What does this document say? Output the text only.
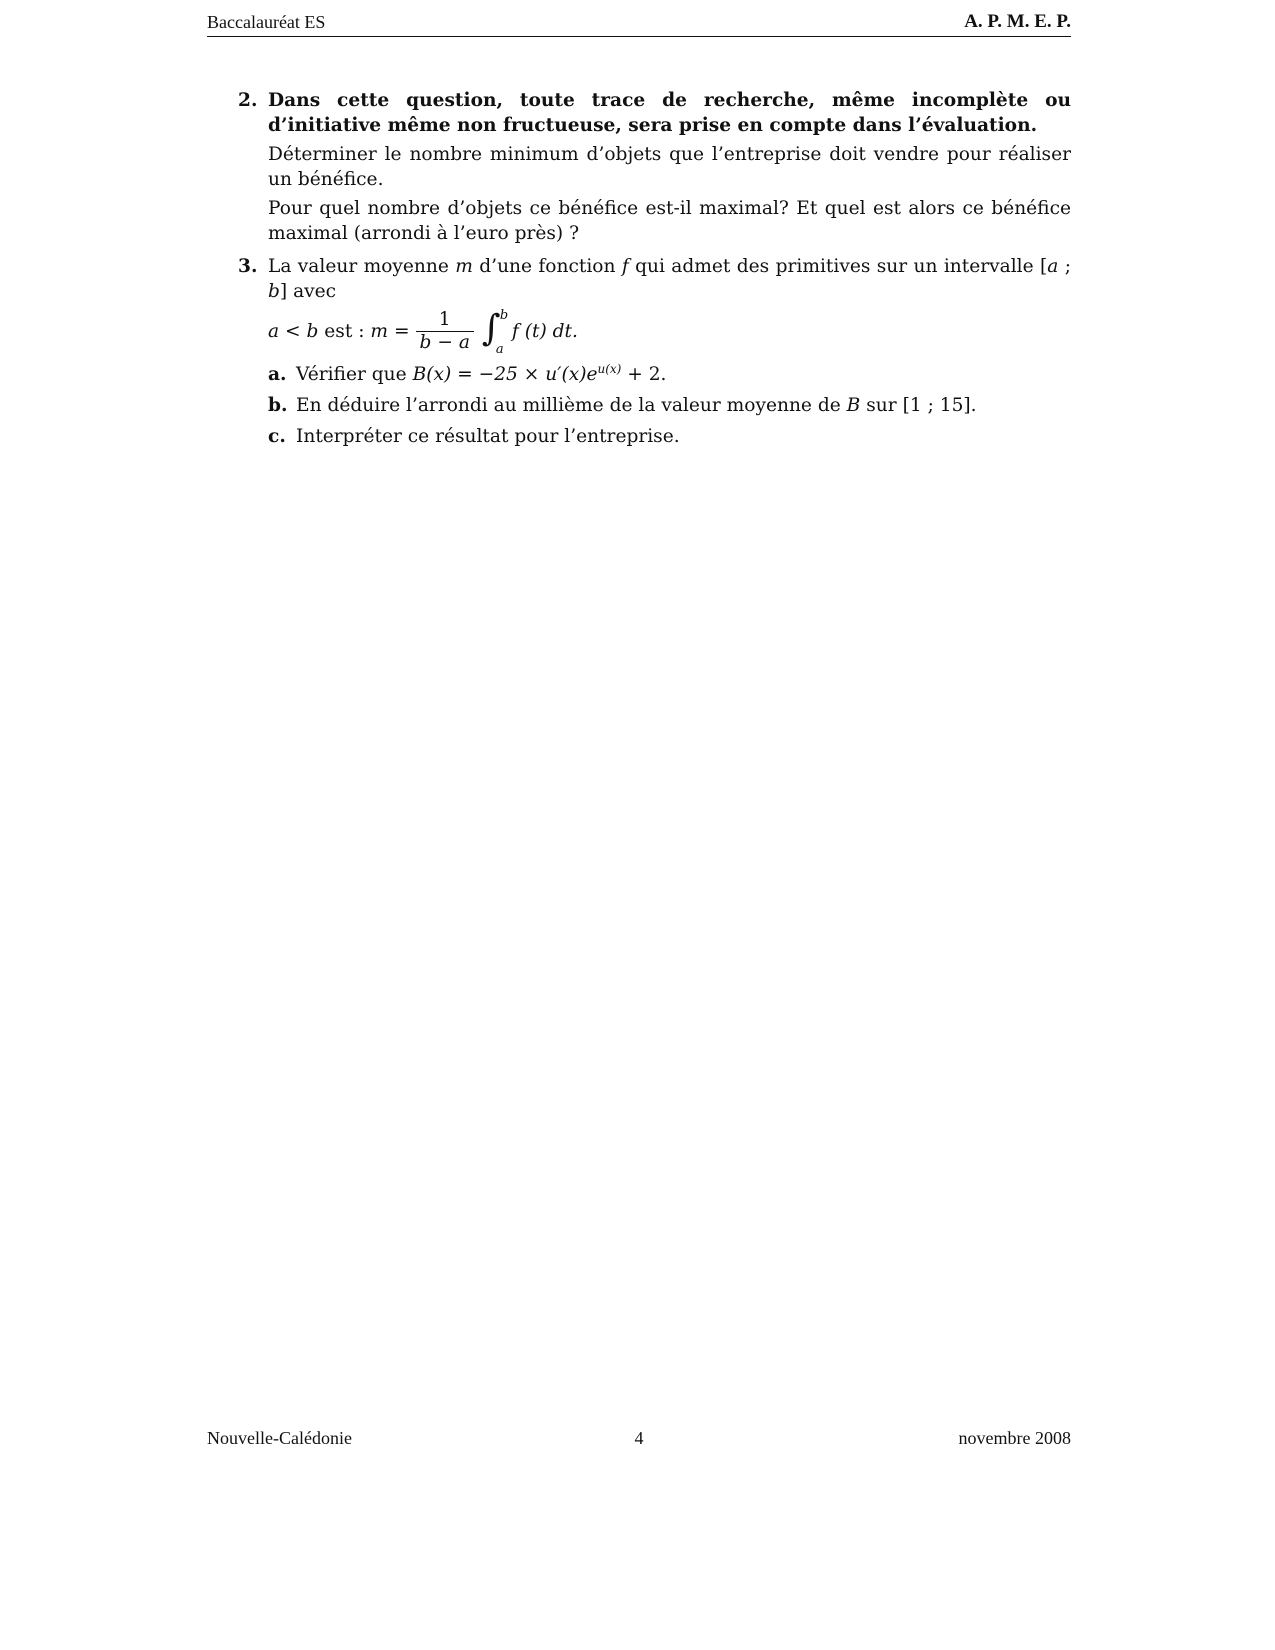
Baccalauréat ES	A. P. M. E. P.
2. Dans cette question, toute trace de recherche, même incomplète ou d’initiative même non fructueuse, sera prise en compte dans l’évaluation.

Déterminer le nombre minimum d’objets que l’entreprise doit vendre pour réaliser un bénéfice.

Pour quel nombre d’objets ce bénéfice est-il maximal? Et quel est alors ce bénéfice maximal (arrondi à l’euro près) ?

3. La valeur moyenne m d’une fonction f qui admet des primitives sur un intervalle [a ; b] avec

a < b est : $m = \frac{1}{b - a}$ ∫ b
a
f (t) dt.
a. Vérifier que $B(x) = -25 \times u'(x)e^{u(x)} + 2$.
b. En déduire l’arrondi au millième de la valeur moyenne de B sur [1 ; 15].
c. Interpréter ce résultat pour l’entreprise.
Nouvelle-Calédonie	4	novembre 2008
